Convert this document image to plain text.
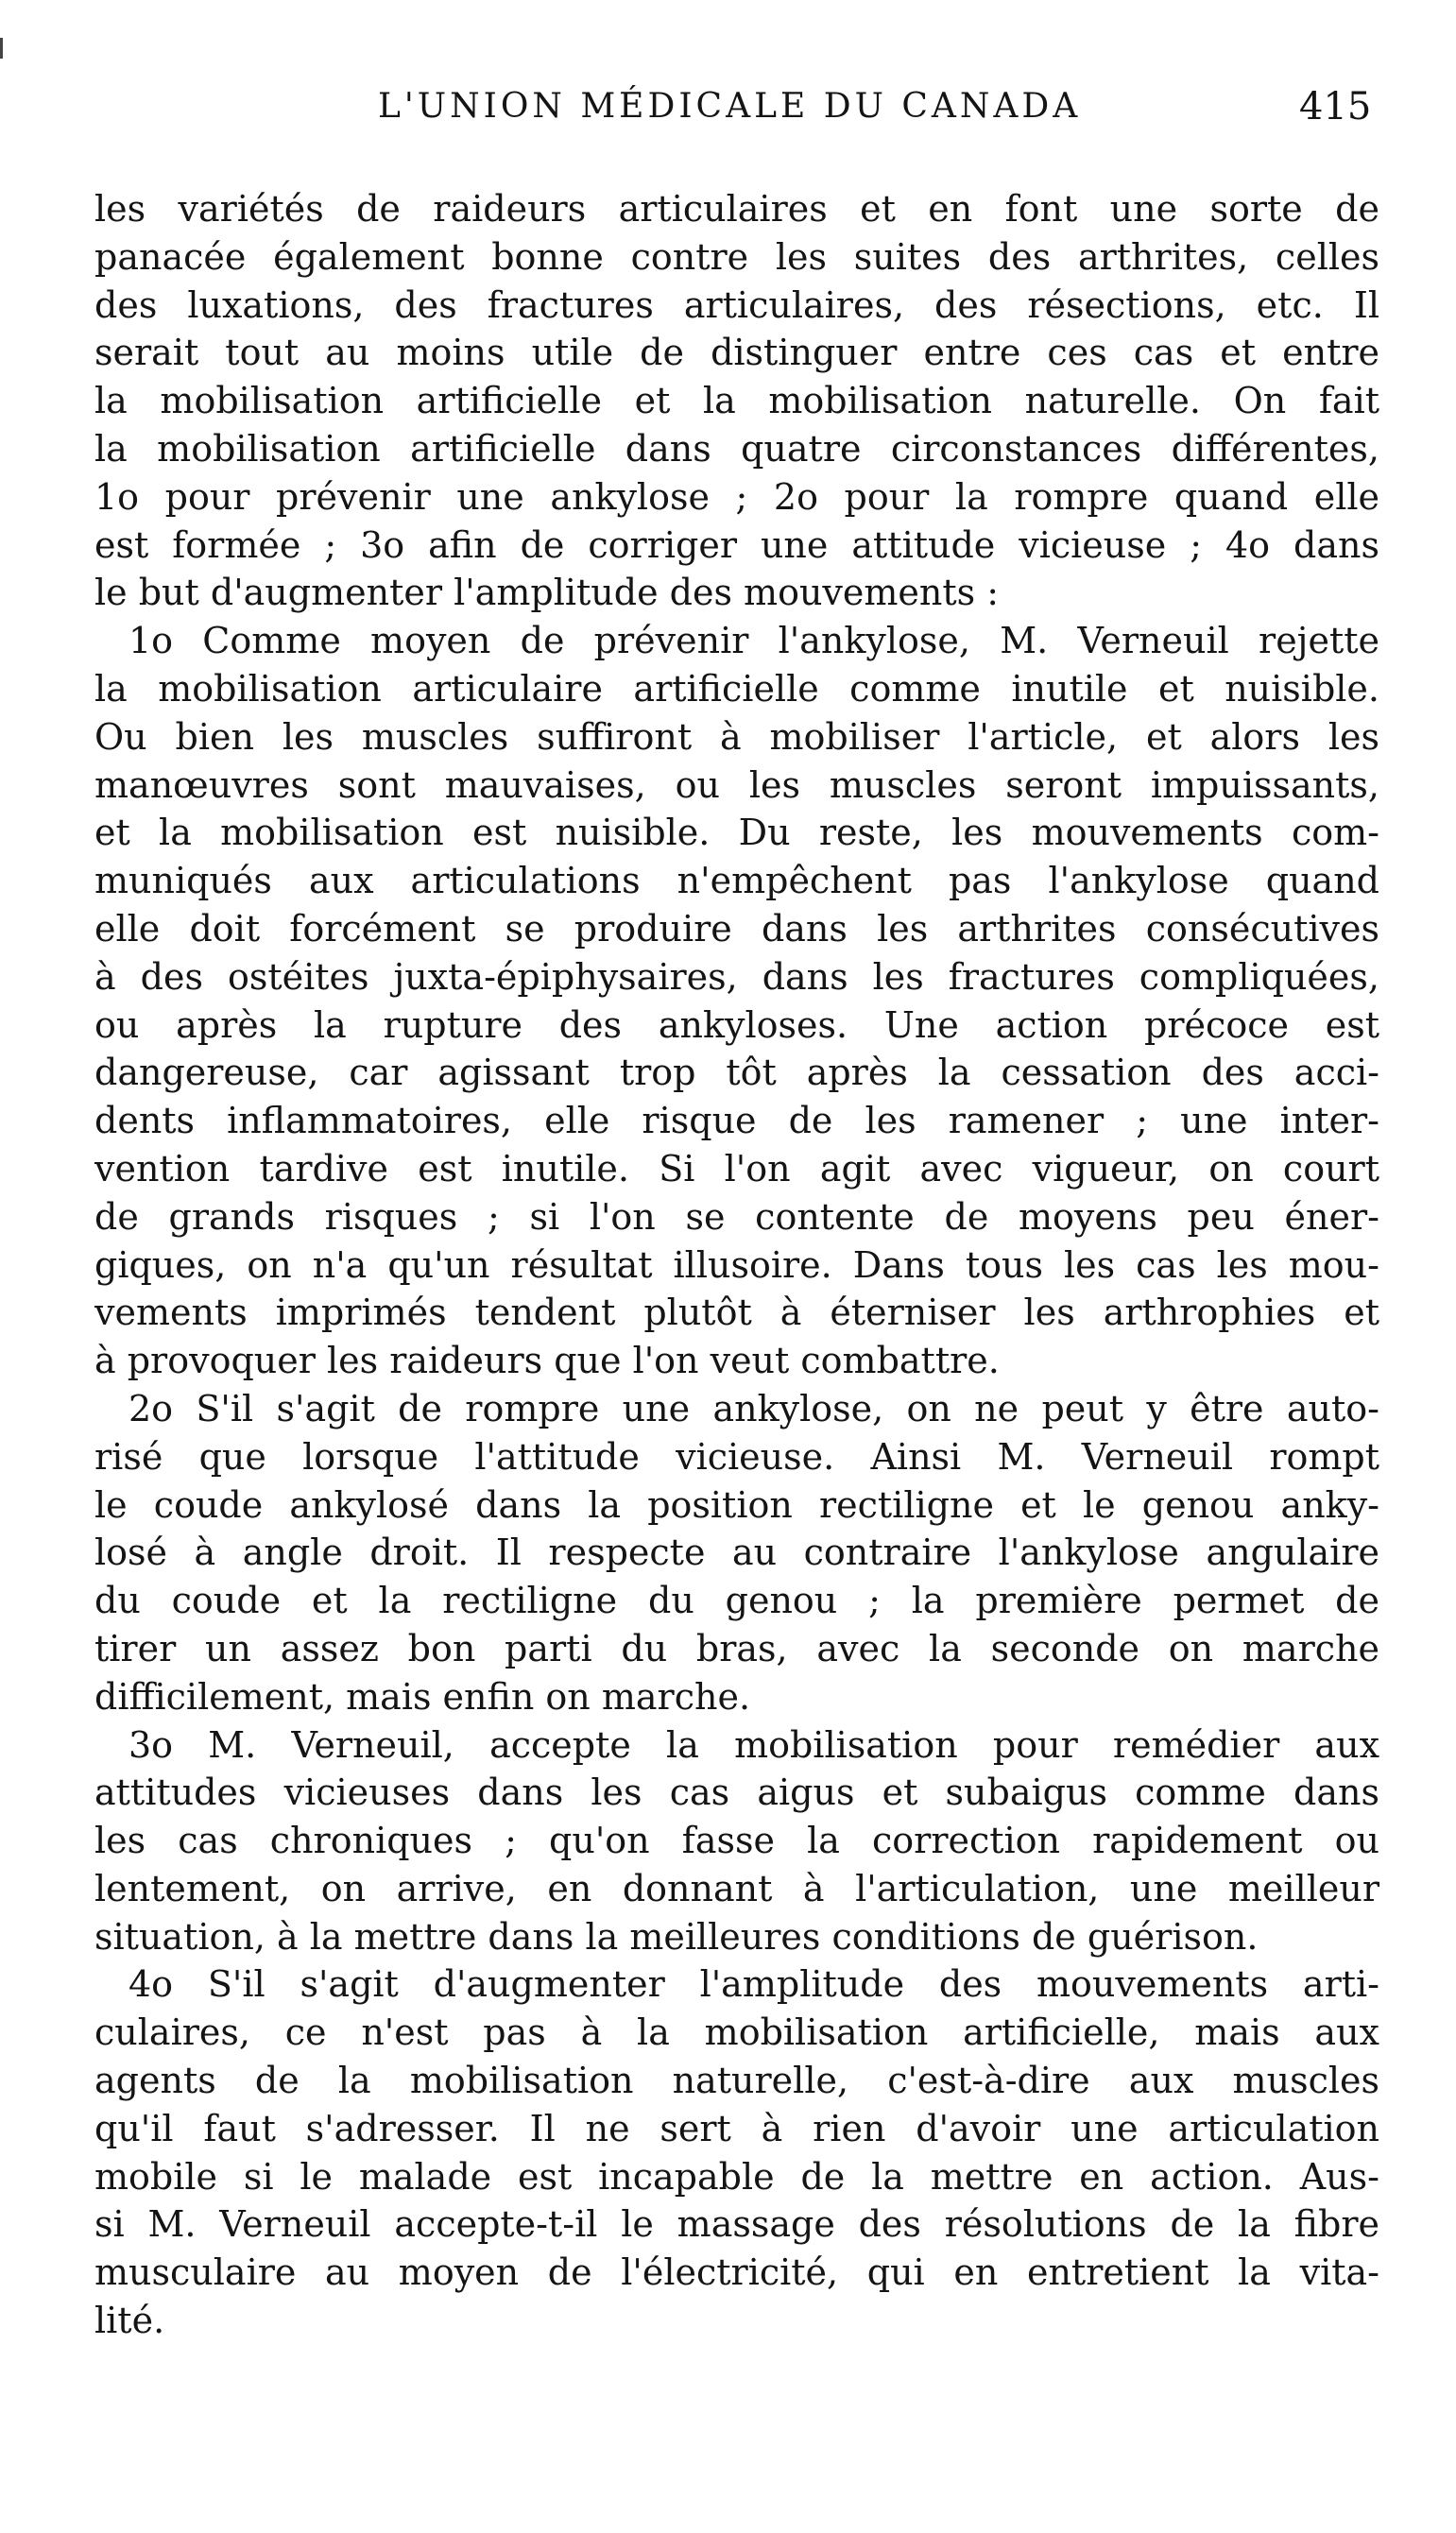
L'UNION MÉDICALE DU CANADA	415
les variétés de raideurs articulaires et en font une sorte de
panacée également bonne contre les suites des arthrites, celles
des luxations, des fractures articulaires, des résections, etc. Il
serait tout au moins utile de distinguer entre ces cas et entre
la mobilisation artificielle et la mobilisation naturelle. On fait
la mobilisation artificielle dans quatre circonstances différentes,
1o pour prévenir une ankylose ; 2o pour la rompre quand elle
est formée ; 3o afin de corriger une attitude vicieuse ; 4o dans
le but d'augmenter l'amplitude des mouvements :
1o Comme moyen de prévenir l'ankylose, M. Verneuil rejette
la mobilisation articulaire artificielle comme inutile et nuisible.
Ou bien les muscles suffiront à mobiliser l'article, et alors les
manœuvres sont mauvaises, ou les muscles seront impuissants,
et la mobilisation est nuisible. Du reste, les mouvements com-
muniqués aux articulations n'empêchent pas l'ankylose quand
elle doit forcément se produire dans les arthrites consécutives
à des ostéites juxta-épiphysaires, dans les fractures compliquées,
ou après la rupture des ankyloses. Une action précoce est
dangereuse, car agissant trop tôt après la cessation des acci-
dents inflammatoires, elle risque de les ramener ; une inter-
vention tardive est inutile. Si l'on agit avec vigueur, on court
de grands risques ; si l'on se contente de moyens peu éner-
giques, on n'a qu'un résultat illusoire. Dans tous les cas les mou-
vements imprimés tendent plutôt à éterniser les arthrophies et
à provoquer les raideurs que l'on veut combattre.
2o S'il s'agit de rompre une ankylose, on ne peut y être auto-
risé que lorsque l'attitude vicieuse. Ainsi M. Verneuil rompt
le coude ankylosé dans la position rectiligne et le genou anky-
losé à angle droit. Il respecte au contraire l'ankylose angulaire
du coude et la rectiligne du genou ; la première permet de
tirer un assez bon parti du bras, avec la seconde on marche
difficilement, mais enfin on marche.
3o M. Verneuil, accepte la mobilisation pour remédier aux
attitudes vicieuses dans les cas aigus et subaigus comme dans
les cas chroniques ; qu'on fasse la correction rapidement ou
lentement, on arrive, en donnant à l'articulation, une meilleur
situation, à la mettre dans la meilleures conditions de guérison.
4o S'il s'agit d'augmenter l'amplitude des mouvements arti-
culaires, ce n'est pas à la mobilisation artificielle, mais aux
agents de la mobilisation naturelle, c'est-à-dire aux muscles
qu'il faut s'adresser. Il ne sert à rien d'avoir une articulation
mobile si le malade est incapable de la mettre en action. Aus-
si M. Verneuil accepte-t-il le massage des résolutions de la fibre
musculaire au moyen de l'électricité, qui en entretient la vita-
lité.
